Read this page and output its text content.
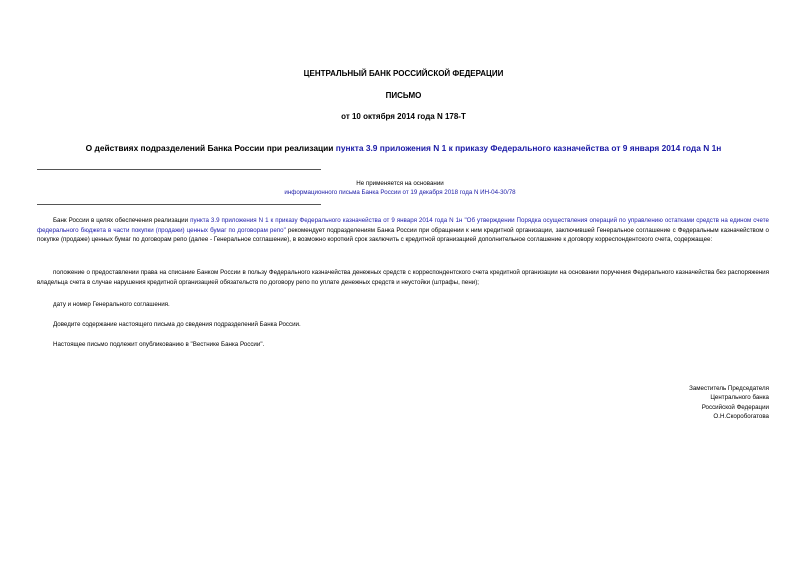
ЦЕНТРАЛЬНЫЙ БАНК РОССИЙСКОЙ ФЕДЕРАЦИИ
ПИСЬМО
от 10 октября 2014 года N 178-Т
О действиях подразделений Банка России при реализации пункта 3.9 приложения N 1 к приказу Федерального казначейства от 9 января 2014 года N 1н
Не применяется на основании
информационного письма Банка России от 19 декабря 2018 года N ИН-04-30/78
Банк России в целях обеспечения реализации пункта 3.9 приложения N 1 к приказу Федерального казначейства от 9 января 2014 года N 1н "Об утверждении Порядка осуществления операций по управлению остатками средств на едином счете федерального бюджета в части покупки (продажи) ценных бумаг по договорам репо" рекомендует подразделениям Банка России при обращении к ним кредитной организации, заключившей Генеральное соглашение с Федеральным казначейством о покупке (продаже) ценных бумаг по договорам репо (далее - Генеральное соглашение), в возможно короткий срок заключить с кредитной организацией дополнительное соглашение к договору корреспондентского счета, содержащее:
положение о предоставлении права на списание Банком России в пользу Федерального казначейства денежных средств с корреспондентского счета кредитной организации на основании поручения Федерального казначейства без распоряжения владельца счета в случае нарушения кредитной организацией обязательств по договору репо по уплате денежных средств и неустойки (штрафы, пени);
дату и номер Генерального соглашения.
Доведите содержание настоящего письма до сведения подразделений Банка России.
Настоящее письмо подлежит опубликованию в "Вестнике Банка России".
Заместитель Председателя
Центрального банка
Российской Федерации
О.Н.Скоробогатова
